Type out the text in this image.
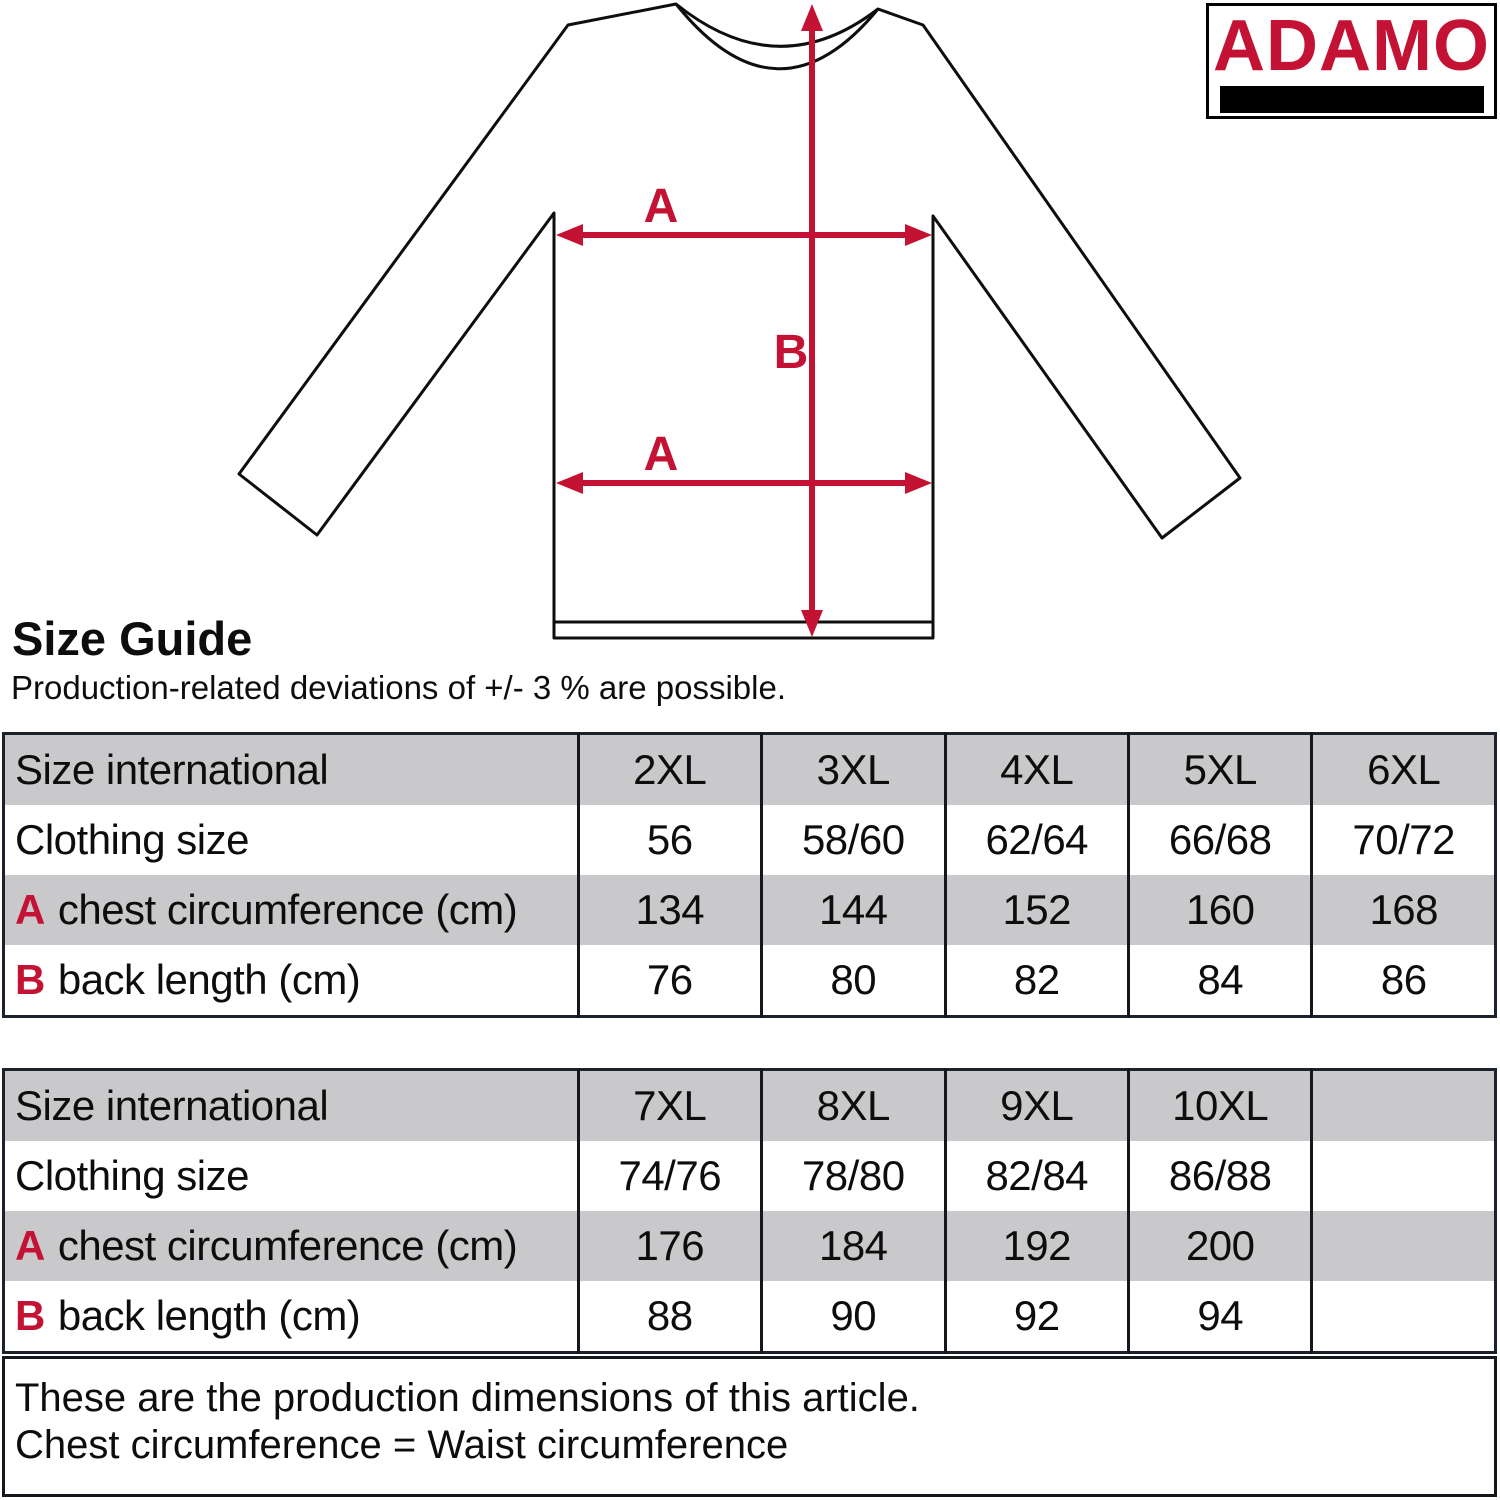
A
B
A
ADAMO
Size Guide
Production-related deviations of +/- 3 % are possible.
Size international	2XL	3XL	4XL	5XL	6XL
Clothing size	56	58/60	62/64	66/68	70/72
A chest circumference (cm)	134	144	152	160	168
B back length (cm)	76	80	82	84	86
Size international	7XL	8XL	9XL	10XL	
Clothing size	74/76	78/80	82/84	86/88	
A chest circumference (cm)	176	184	192	200	
B back length (cm)	88	90	92	94	
These are the production dimensions of this article.
Chest circumference = Waist circumference
